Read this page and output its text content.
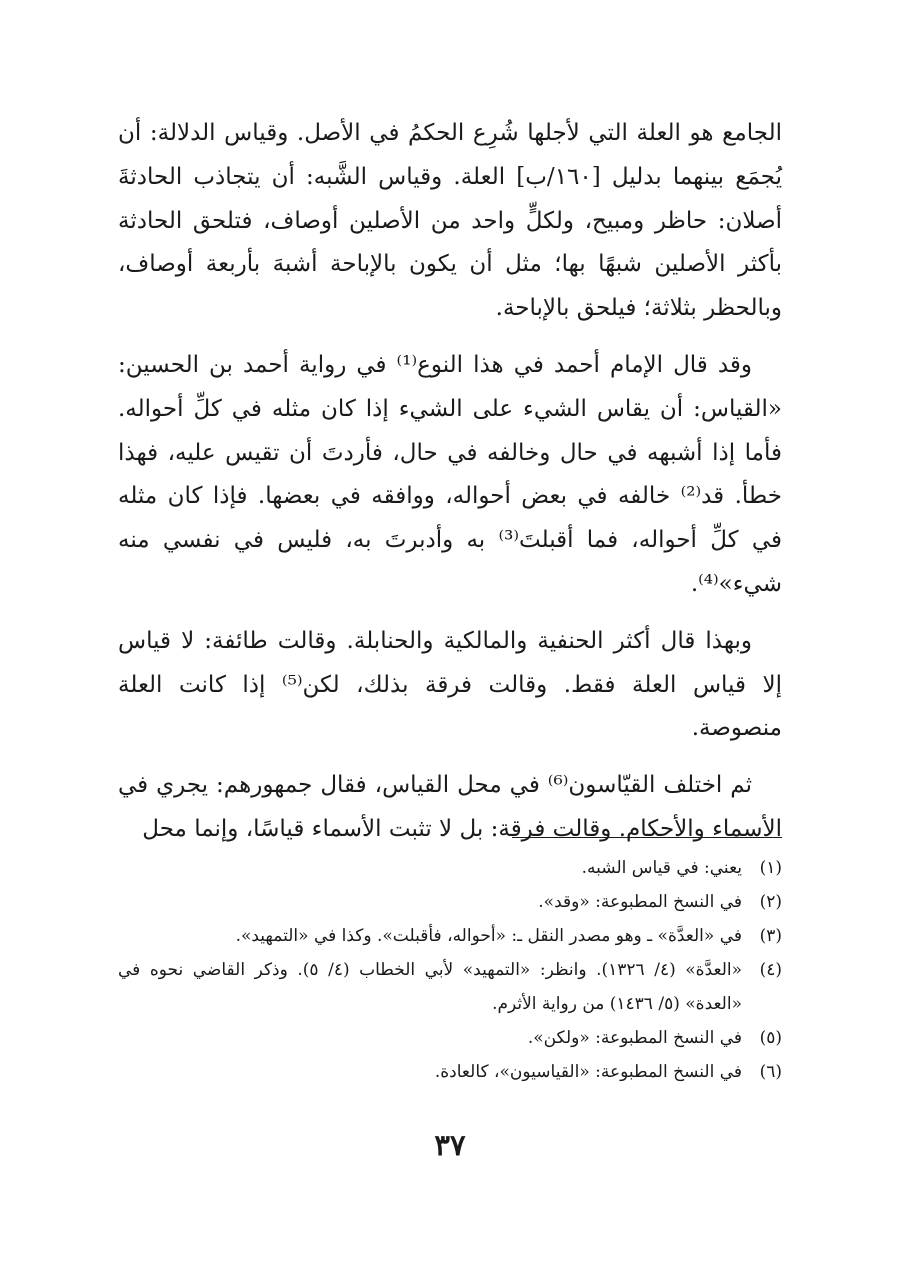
الجامع هو العلة التي لأجلها شُرِع الحكمُ في الأصل. وقياس الدلالة: أن يُجمَع بينهما بدليل [١٦٠/ب] العلة. وقياس الشَّبه: أن يتجاذب الحادثةَ أصلان: حاظر ومبيح، ولكلٍّ واحد من الأصلين أوصاف، فتلحق الحادثة بأكثر الأصلين شبهًا بها؛ مثل أن يكون بالإباحة أشبهَ بأربعة أوصاف، وبالحظر بثلاثة؛ فيلحق بالإباحة.

وقد قال الإمام أحمد في هذا النوع⁽¹⁾ في رواية أحمد بن الحسين: «القياس: أن يقاس الشيء على الشيء إذا كان مثله في كلِّ أحواله. فأما إذا أشبهه في حال وخالفه في حال، فأردتَ أن تقيس عليه، فهذا خطأ. قد⁽²⁾ خالفه في بعض أحواله، ووافقه في بعضها. فإذا كان مثله في كلِّ أحواله، فما أقبلتَ⁽³⁾ به وأدبرتَ به، فليس في نفسي منه شيء»⁽⁴⁾.

وبهذا قال أكثر الحنفية والمالكية والحنابلة. وقالت طائفة: لا قياس إلا قياس العلة فقط. وقالت فرقة بذلك، لكن⁽⁵⁾ إذا كانت العلة منصوصة.

ثم اختلف القيّاسون⁽⁶⁾ في محل القياس، فقال جمهورهم: يجري في الأسماء والأحكام. وقالت فرقة: بل لا تثبت الأسماء قياسًا، وإنما محل

(١)
يعني: في قياس الشبه.
(٢)
في النسخ المطبوعة: «وقد».
(٣)
في «العدَّة» ـ وهو مصدر النقل ـ: «أحواله، فأقبلت». وكذا في «التمهيد».
(٤)
«العدَّة» (٤/ ١٣٢٦). وانظر: «التمهيد» لأبي الخطاب (٤/ ٥). وذكر القاضي نحوه في «العدة» (٥/ ١٤٣٦) من رواية الأثرم.
(٥)
في النسخ المطبوعة: «ولكن».
(٦)
في النسخ المطبوعة: «القياسيون»، كالعادة.
٣٧
